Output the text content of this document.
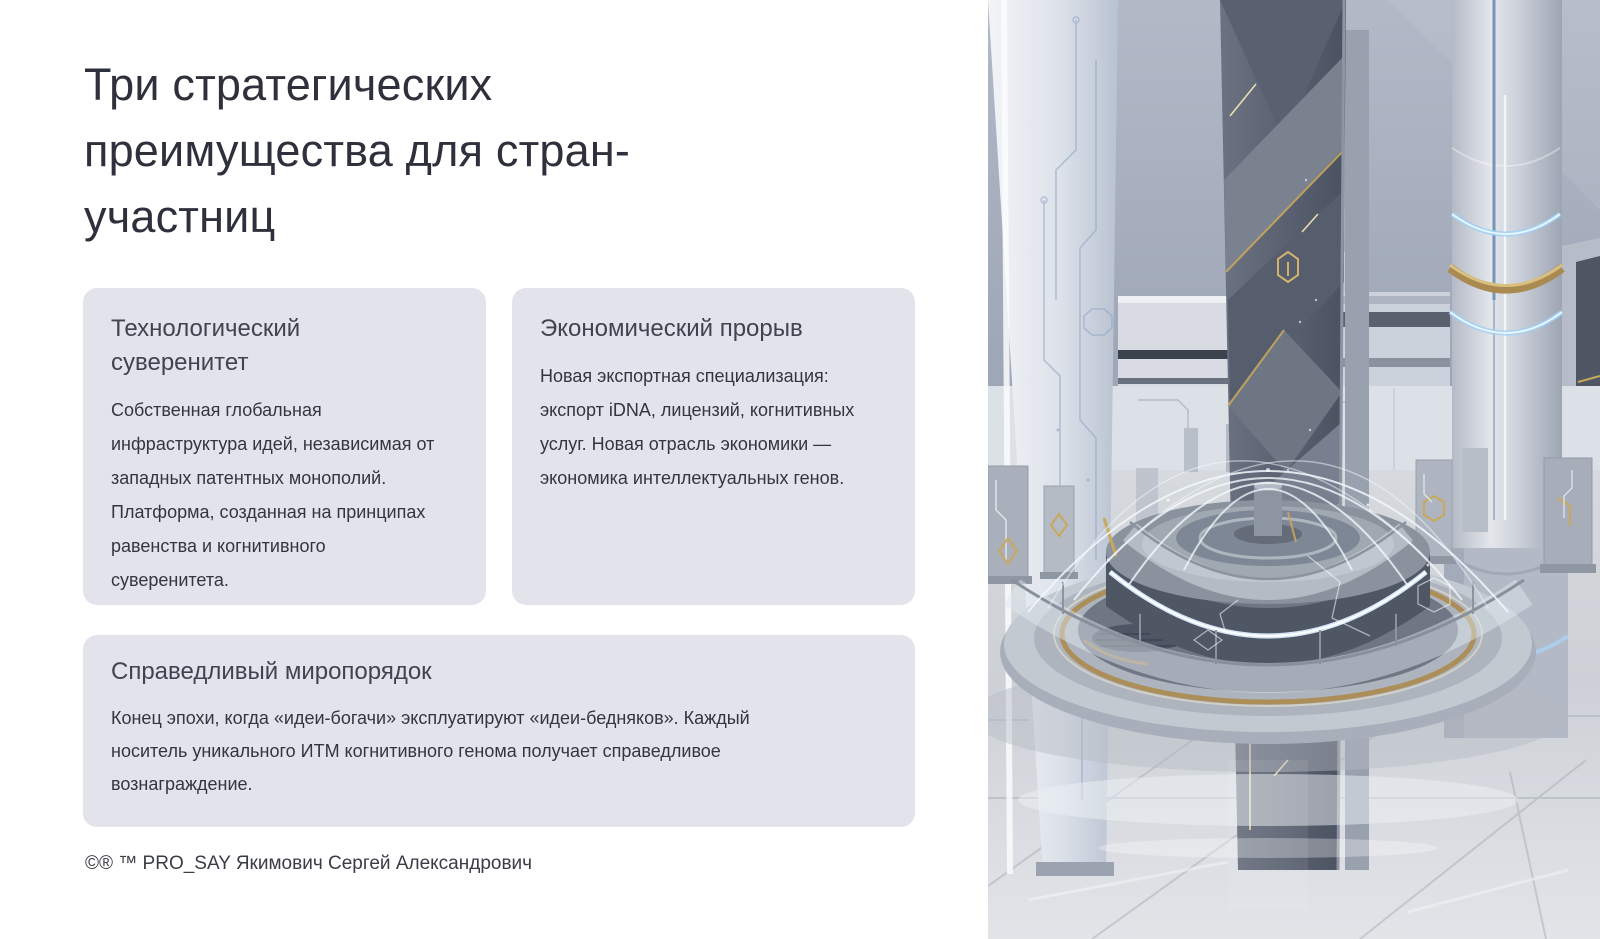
Три стратегических
преимущества для стран-
участниц
Технологический суверенитет

Собственная глобальная инфраструктура идей, независимая от западных патентных монополий. Платформа, созданная на принципах равенства и когнитивного суверенитета.

Экономический прорыв

Новая экспортная специализация: экспорт iDNA, лицензий, когнитивных услуг. Новая отрасль экономики — экономика интеллектуальных генов.

Справедливый миропорядок

Конец эпохи, когда «идеи-богачи» эксплуатируют «идеи-бедняков». Каждый носитель уникального ИТМ когнитивного генома получает справедливое вознаграждение.

©® ™ PRO_SAY Якимович Сергей Александрович
